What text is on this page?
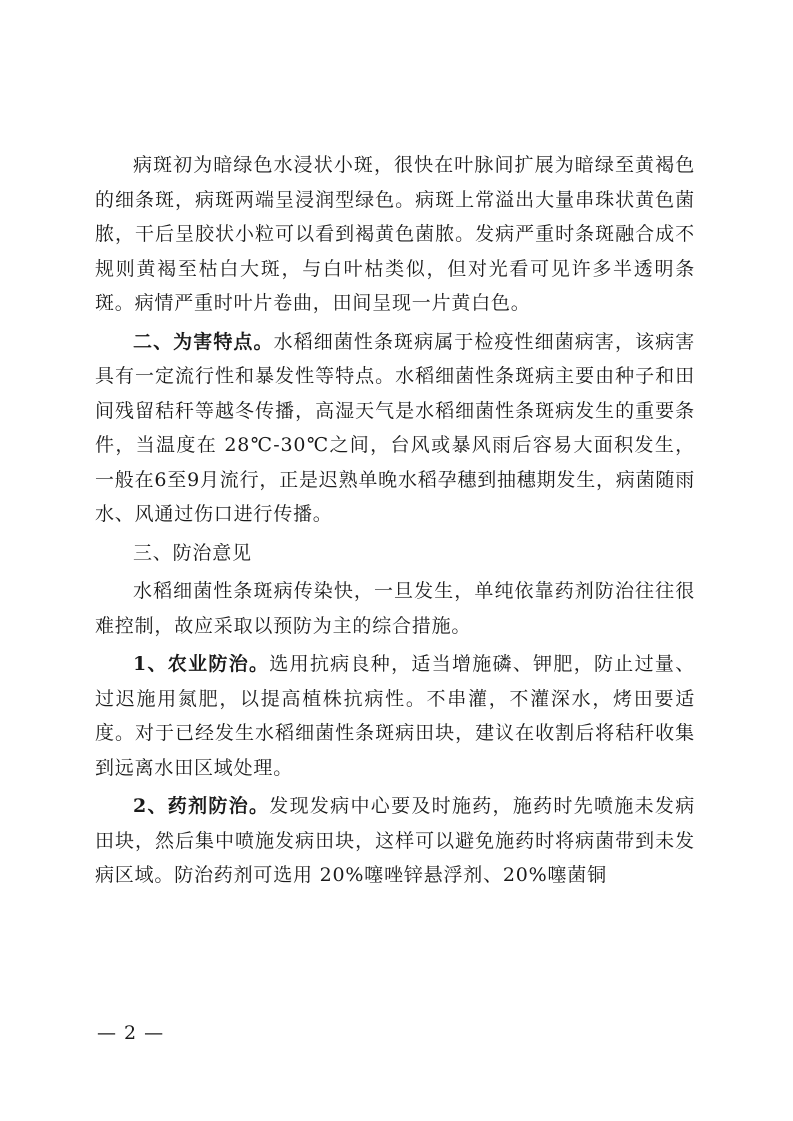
病斑初为暗绿色水浸状小斑，很快在叶脉间扩展为暗绿至黄褐色的细条斑，病斑两端呈浸润型绿色。病斑上常溢出大量串珠状黄色菌脓，干后呈胶状小粒可以看到褐黄色菌脓。发病严重时条斑融合成不规则黄褐至枯白大斑，与白叶枯类似，但对光看可见许多半透明条斑。病情严重时叶片卷曲，田间呈现一片黄白色。

二、为害特点。水稻细菌性条斑病属于检疫性细菌病害，该病害具有一定流行性和暴发性等特点。水稻细菌性条斑病主要由种子和田间残留秸秆等越冬传播，高湿天气是水稻细菌性条斑病发生的重要条件，当温度在 28℃-30℃之间，台风或暴风雨后容易大面积发生，一般在6至9月流行，正是迟熟单晚水稻孕穗到抽穗期发生，病菌随雨水、风通过伤口进行传播。

三、防治意见

水稻细菌性条斑病传染快，一旦发生，单纯依靠药剂防治往往很难控制，故应采取以预防为主的综合措施。

1、农业防治。选用抗病良种，适当增施磷、钾肥，防止过量、过迟施用氮肥，以提高植株抗病性。不串灌，不灌深水，烤田要适度。对于已经发生水稻细菌性条斑病田块，建议在收割后将秸秆收集到远离水田区域处理。

2、药剂防治。发现发病中心要及时施药，施药时先喷施未发病田块，然后集中喷施发病田块，这样可以避免施药时将病菌带到未发病区域。防治药剂可选用 20%噻唑锌悬浮剂、20%噻菌铜

— 2 —
